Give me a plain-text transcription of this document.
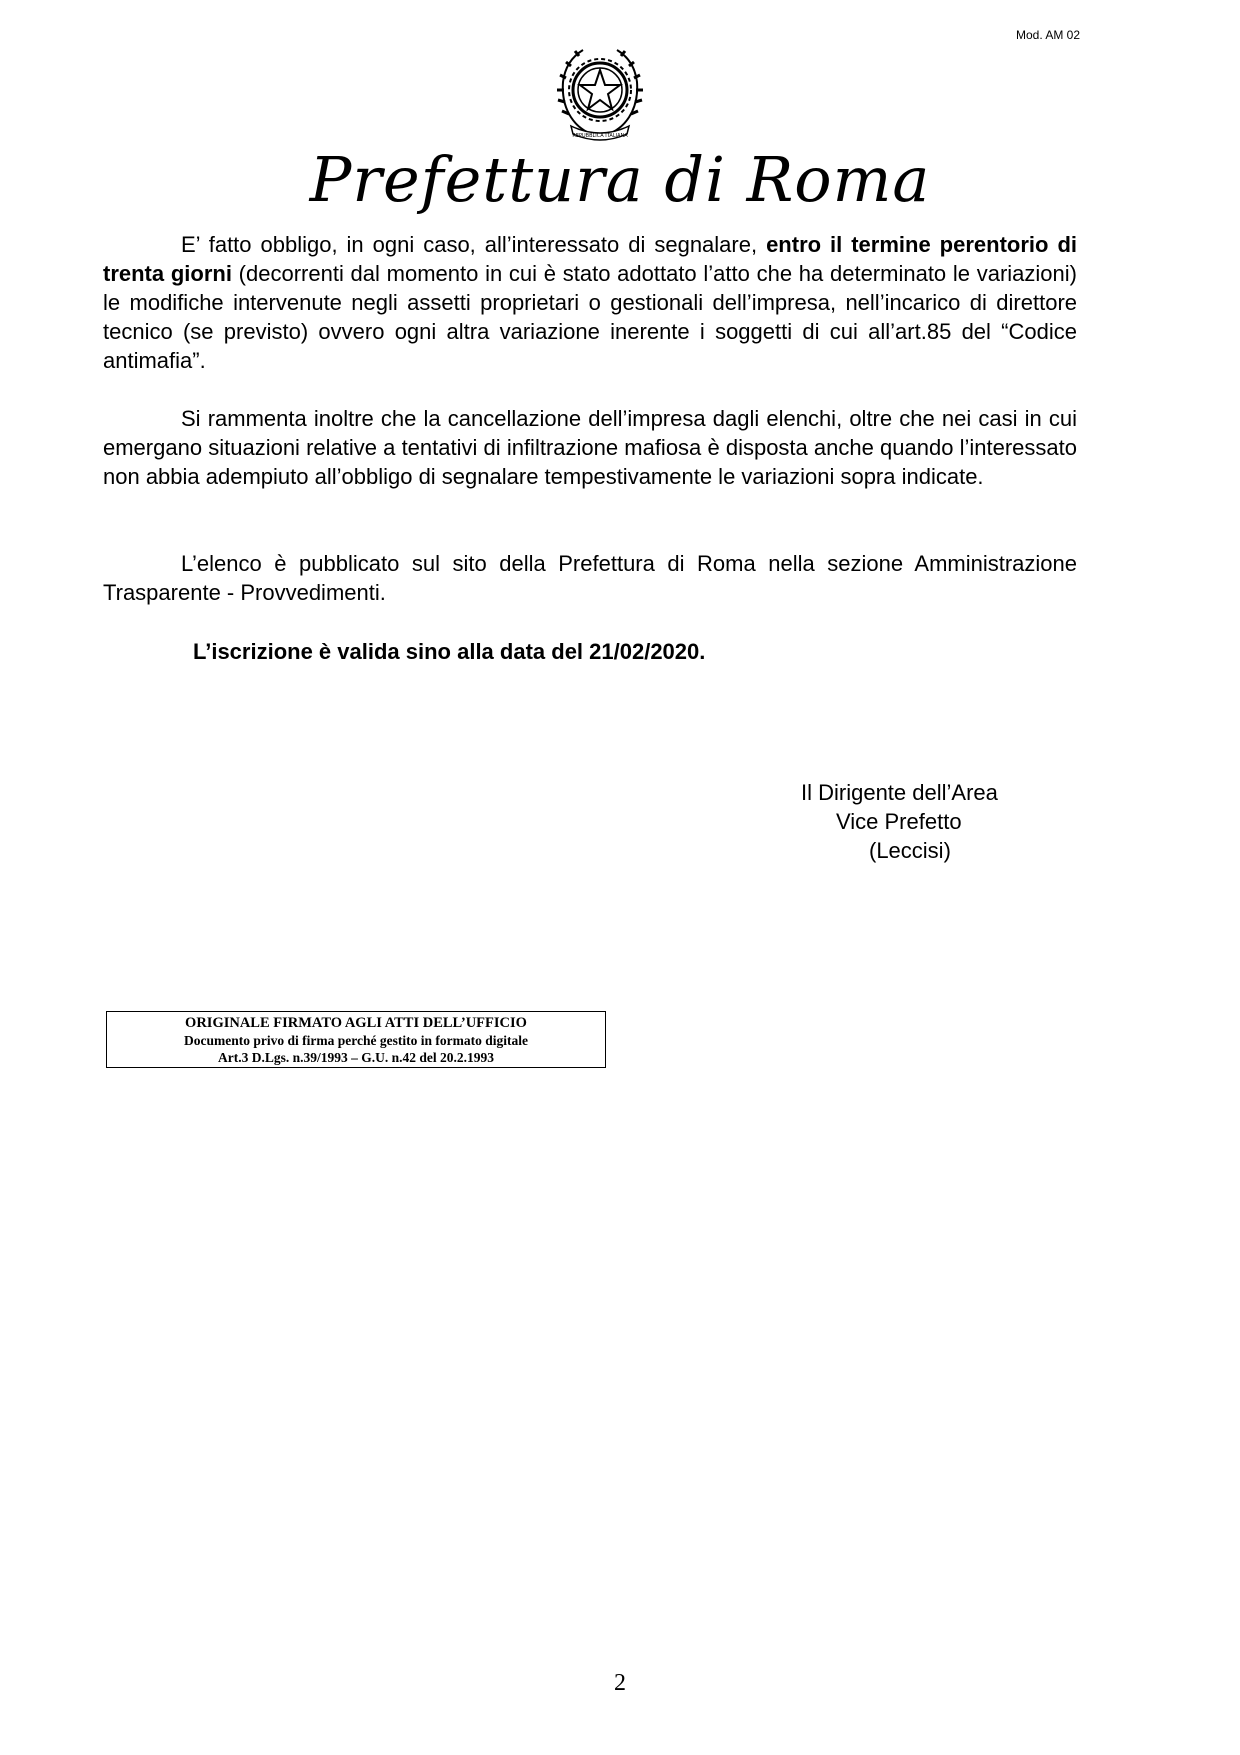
Mod. AM 02
REPUBBLICA ITALIANA
Prefettura di Roma

E’ fatto obbligo, in ogni caso, all’interessato di segnalare, entro il termine perentorio di trenta giorni (decorrenti dal momento in cui è stato adottato l’atto che ha determinato le variazioni) le modifiche intervenute negli assetti proprietari o gestionali dell’impresa, nell’incarico di direttore tecnico (se previsto) ovvero ogni altra variazione inerente i soggetti di cui all’art.85 del “Codice antimafia”.

Si rammenta inoltre che la cancellazione dell’impresa dagli elenchi, oltre che nei casi in cui emergano situazioni relative a tentativi di infiltrazione mafiosa è disposta anche quando l’interessato non abbia adempiuto all’obbligo di segnalare tempestivamente le variazioni sopra indicate.

L’elenco è pubblicato sul sito della Prefettura di Roma nella sezione Amministrazione Trasparente - Provvedimenti.

L’iscrizione è valida sino alla data del 21/02/2020.
Il Dirigente dell’Area
Vice Prefetto
(Leccisi)
ORIGINALE FIRMATO AGLI ATTI DELL’UFFICIO
Documento privo di firma perché gestito in formato digitale
Art.3 D.Lgs. n.39/1993 – G.U. n.42 del 20.2.1993
2
